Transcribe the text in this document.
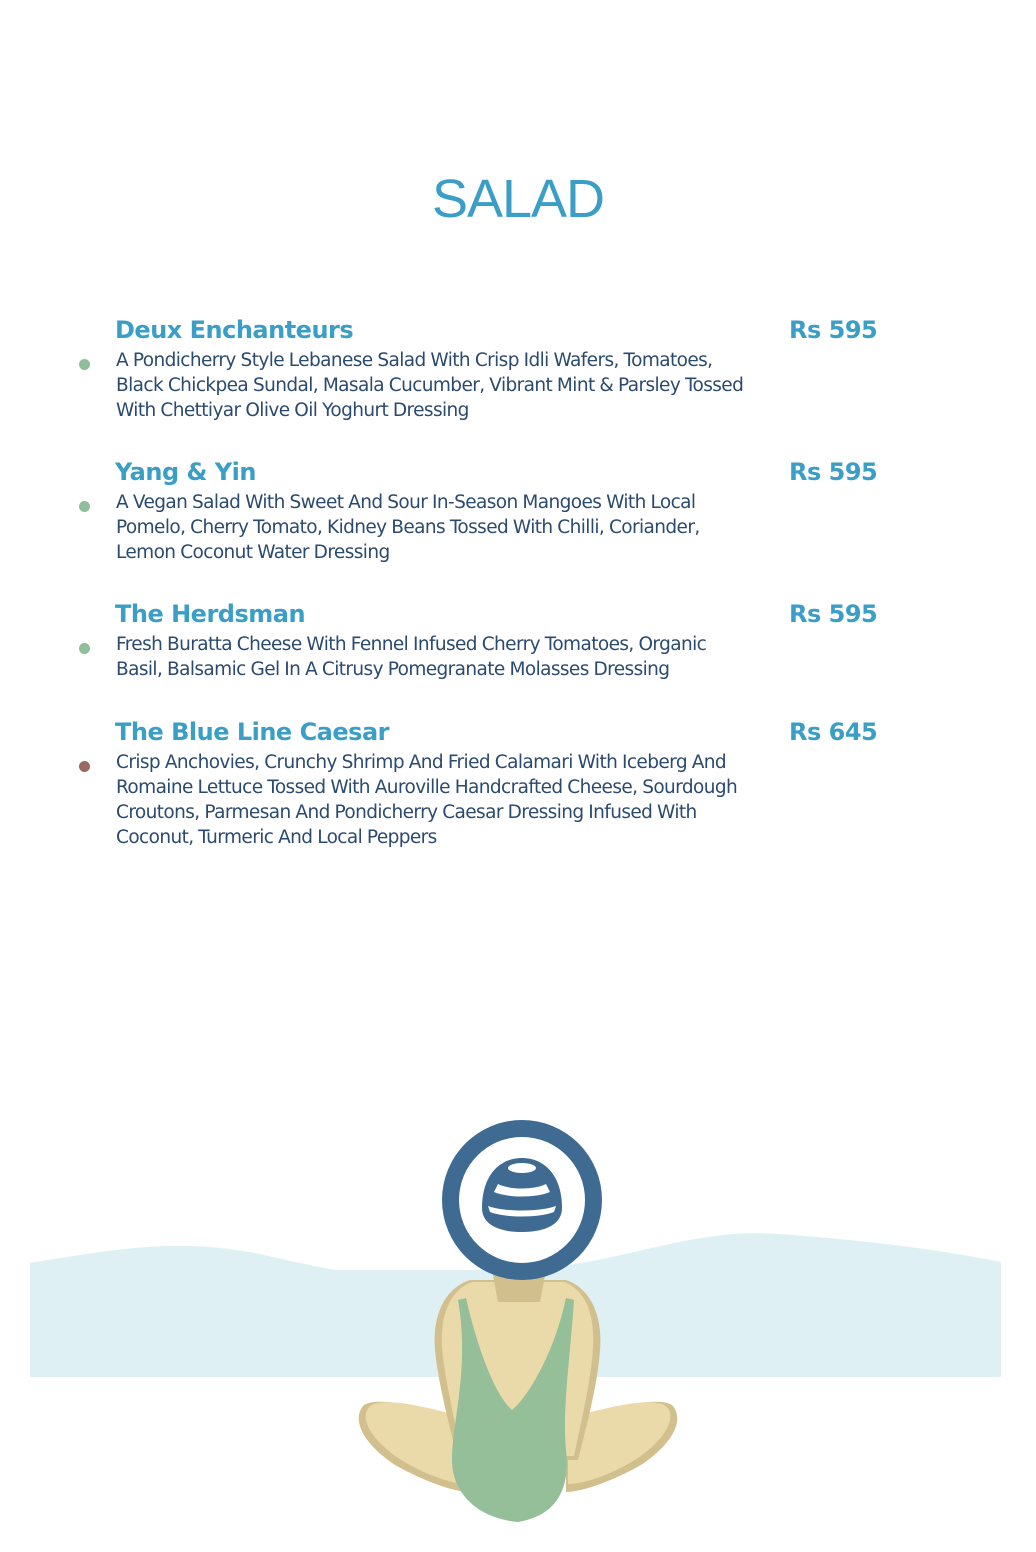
SALAD
Deux Enchanteurs	Rs 595
A Pondicherry Style Lebanese Salad With Crisp Idli Wafers, Tomatoes, Black Chickpea Sundal, Masala Cucumber, Vibrant Mint & Parsley Tossed With Chettiyar Olive Oil Yoghurt Dressing
Yang & Yin	Rs 595
A Vegan Salad With Sweet And Sour In-Season Mangoes With Local Pomelo, Cherry Tomato, Kidney Beans Tossed With Chilli, Coriander, Lemon Coconut Water Dressing
The Herdsman	Rs 595
Fresh Buratta Cheese With Fennel Infused Cherry Tomatoes, Organic Basil, Balsamic Gel In A Citrusy Pomegranate Molasses Dressing
The Blue Line Caesar	Rs 645
Crisp Anchovies, Crunchy Shrimp And Fried Calamari With Iceberg And Romaine Lettuce Tossed With Auroville Handcrafted Cheese, Sourdough Croutons, Parmesan And Pondicherry Caesar Dressing Infused With Coconut, Turmeric And Local Peppers
